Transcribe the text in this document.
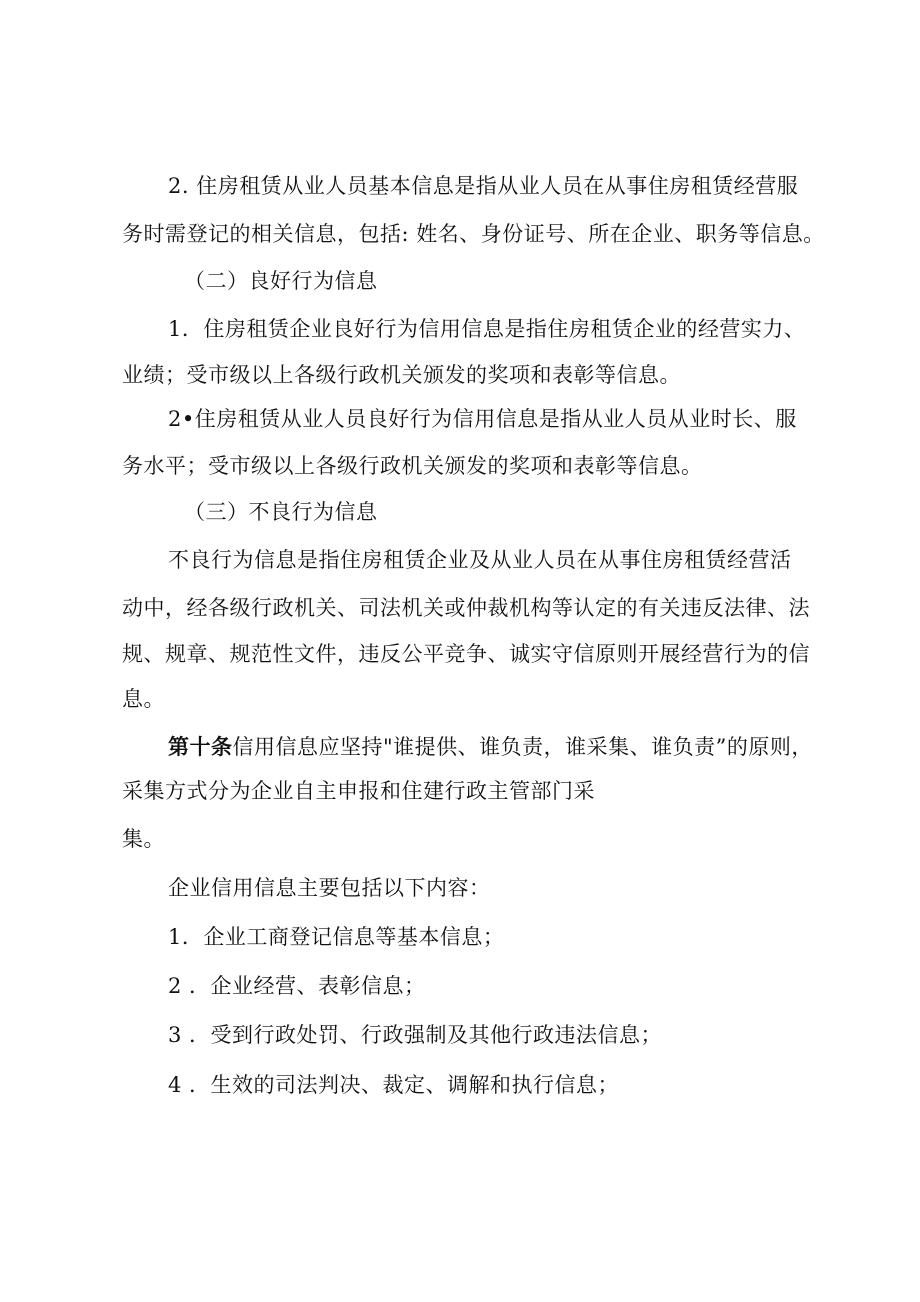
2. 住房租赁从业人员基本信息是指从业人员在从事住房租赁经营服
务时需登记的相关信息，包括: 姓名、身份证号、所在企业、职务等信息。
（二）良好行为信息
1．住房租赁企业良好行为信用信息是指住房租赁企业的经营实力、
业绩；受市级以上各级行政机关颁发的奖项和表彰等信息。
2•住房租赁从业人员良好行为信用信息是指从业人员从业时长、服
务水平；受市级以上各级行政机关颁发的奖项和表彰等信息。
（三）不良行为信息
不良行为信息是指住房租赁企业及从业人员在从事住房租赁经营活
动中，经各级行政机关、司法机关或仲裁机构等认定的有关违反法律、法
规、规章、规范性文件，违反公平竞争、诚实守信原则开展经营行为的信
息。
第十条信用信息应坚持"谁提供、谁负责，谁采集、谁负责”的原则，
采集方式分为企业自主申报和住建行政主管部门采
集。
企业信用信息主要包括以下内容：
1．企业工商登记信息等基本信息；
2 ．企业经营、表彰信息；
3 ．受到行政处罚、行政强制及其他行政违法信息；
4 ．生效的司法判决、裁定、调解和执行信息；
